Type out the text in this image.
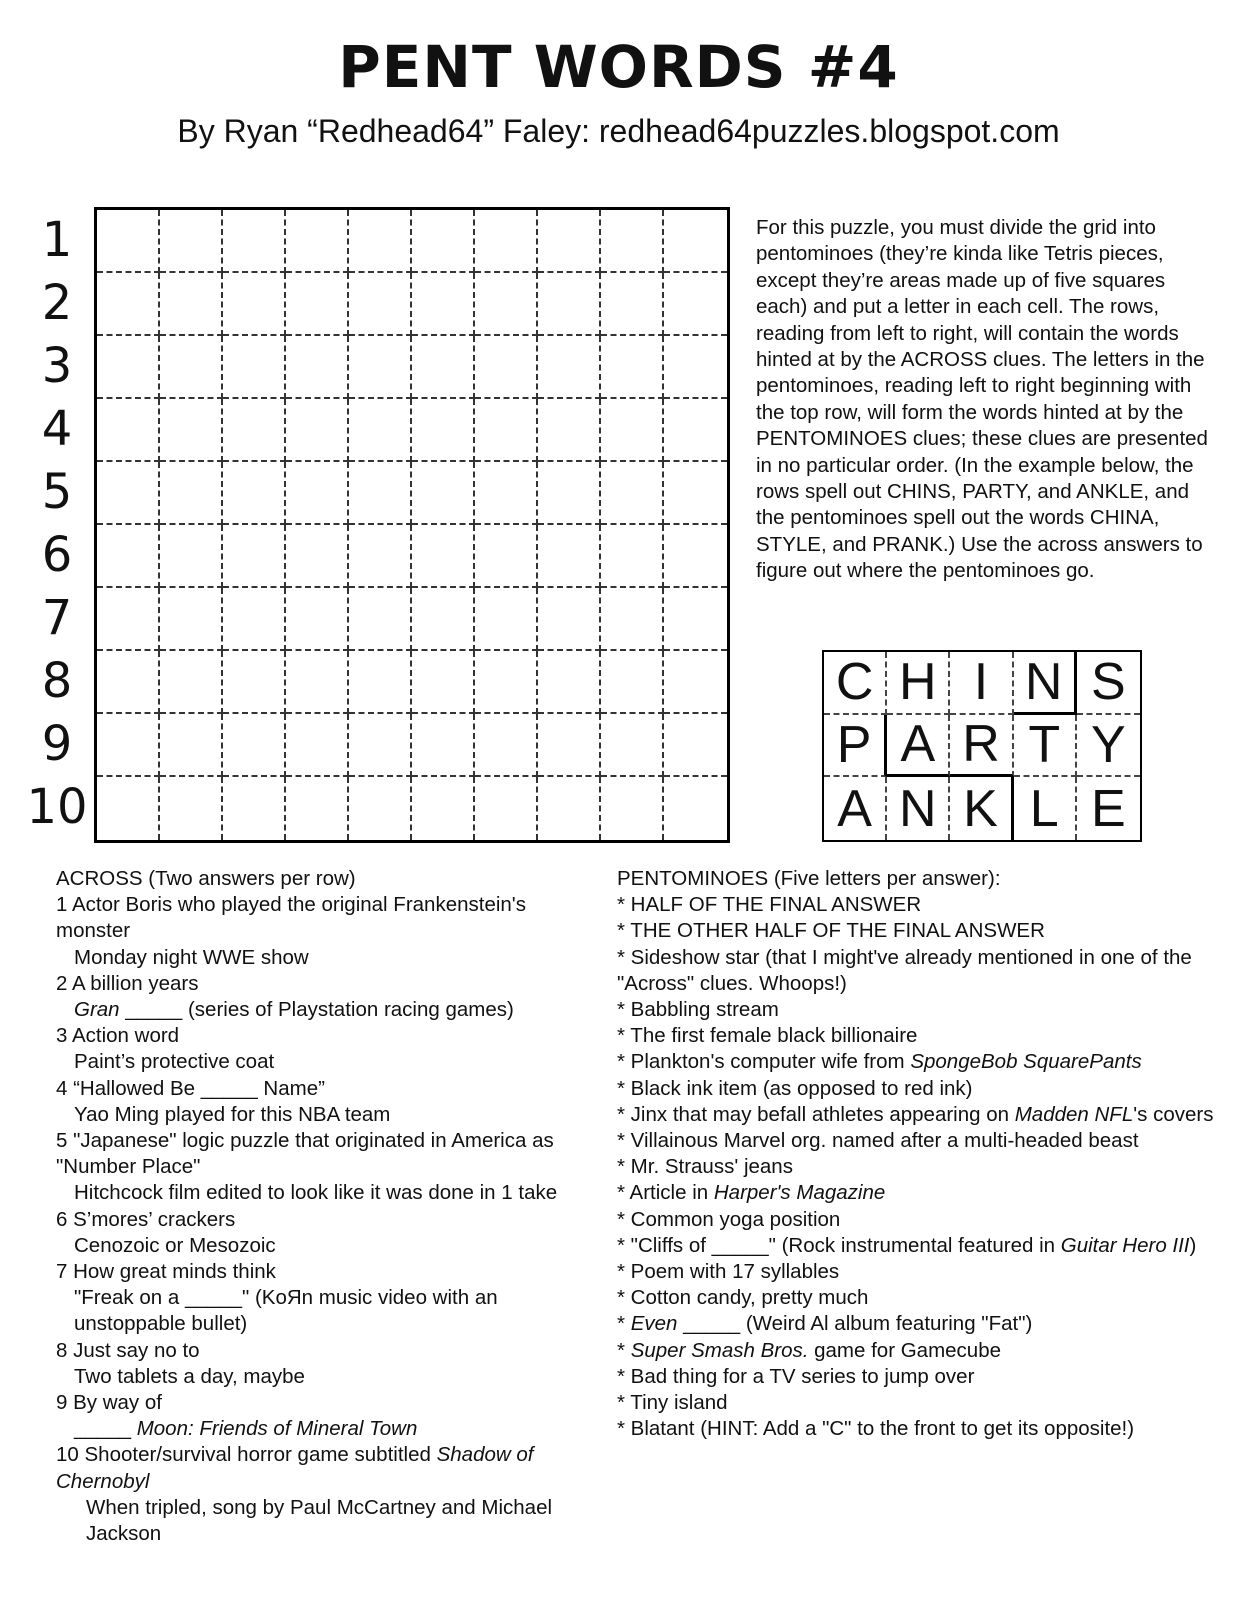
PENT WORDS #4
By Ryan “Redhead64” Faley: redhead64puzzles.blogspot.com
1
2
3
4
5
6
7
8
9
10
For this puzzle, you must divide the grid into pentominoes (they’re kinda like Tetris pieces, except they’re areas made up of five squares each) and put a letter in each cell. The rows, reading from left to right, will contain the words hinted at by the ACROSS clues. The letters in the pentominoes, reading left to right beginning with the top row, will form the words hinted at by the PENTOMINOES clues; these clues are presented in no particular order. (In the example below, the rows spell out CHINS, PARTY, and ANKLE, and the pentominoes spell out the words CHINA, STYLE, and PRANK.) Use the across answers to figure out where the pentominoes go.
C H I N S
P A R T Y
A N K L E

ACROSS (Two answers per row)

1 Actor Boris who played the original Frankenstein's monster

Monday night WWE show

2 A billion years

Gran _____ (series of Playstation racing games)

3 Action word

Paint’s protective coat

4 “Hallowed Be _____ Name”

Yao Ming played for this NBA team

5 "Japanese" logic puzzle that originated in America as "Number Place"

Hitchcock film edited to look like it was done in 1 take

6 S’mores’ crackers

Cenozoic or Mesozoic

7 How great minds think

"Freak on a _____" (KoЯn music video with an unstoppable bullet)

8 Just say no to

Two tablets a day, maybe

9 By way of

_____ Moon: Friends of Mineral Town

10 Shooter/survival horror game subtitled Shadow of Chernobyl

When tripled, song by Paul McCartney and Michael Jackson

PENTOMINOES (Five letters per answer):

* HALF OF THE FINAL ANSWER

* THE OTHER HALF OF THE FINAL ANSWER

* Sideshow star (that I might've already mentioned in one of the "Across" clues. Whoops!)

* Babbling stream

* The first female black billionaire

* Plankton's computer wife from SpongeBob SquarePants

* Black ink item (as opposed to red ink)

* Jinx that may befall athletes appearing on Madden NFL's covers

* Villainous Marvel org. named after a multi-headed beast

* Mr. Strauss' jeans

* Article in Harper's Magazine

* Common yoga position

* "Cliffs of _____" (Rock instrumental featured in Guitar Hero III)

* Poem with 17 syllables

* Cotton candy, pretty much

* Even _____ (Weird Al album featuring "Fat")

* Super Smash Bros. game for Gamecube

* Bad thing for a TV series to jump over

* Tiny island

* Blatant (HINT: Add a "C" to the front to get its opposite!)
